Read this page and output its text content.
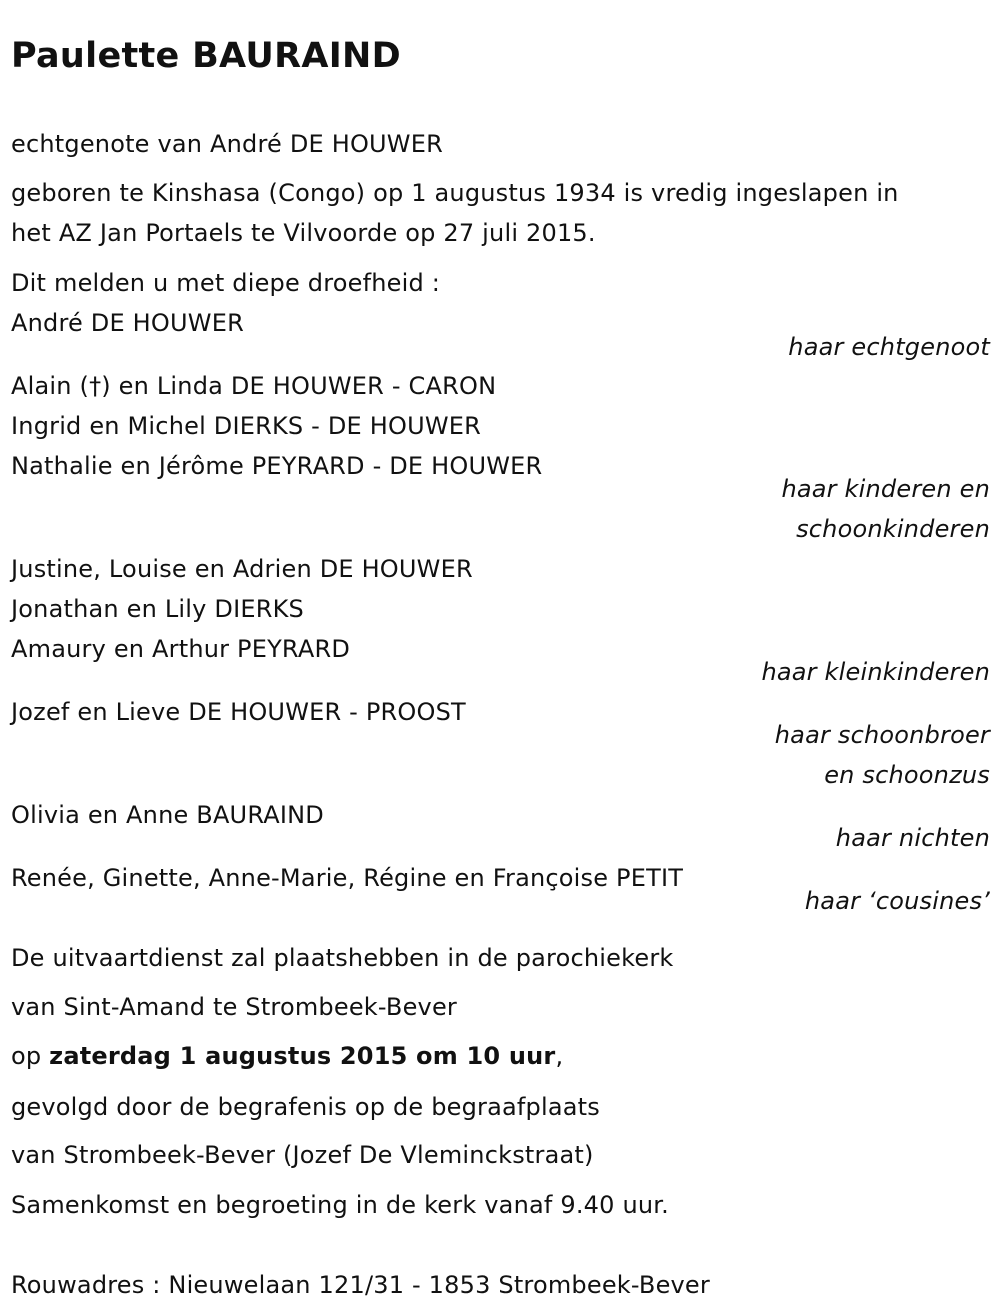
Paulette BAURAIND
echtgenote van André DE HOUWER
geboren te Kinshasa (Congo) op 1 augustus 1934 is vredig ingeslapen in
het AZ Jan Portaels te Vilvoorde op 27 juli 2015.
Dit melden u met diepe droefheid :
André DE HOUWER
haar echtgenoot
Alain (†) en Linda DE HOUWER - CARON
Ingrid en Michel DIERKS - DE HOUWER
Nathalie en Jérôme PEYRARD - DE HOUWER
haar kinderen en
schoonkinderen
Justine, Louise en Adrien DE HOUWER
Jonathan en Lily DIERKS
Amaury en Arthur PEYRARD
haar kleinkinderen
Jozef en Lieve DE HOUWER - PROOST
haar schoonbroer
en schoonzus
Olivia en Anne BAURAIND
haar nichten
Renée, Ginette, Anne-Marie, Régine en Françoise PETIT
haar ‘cousines’
De uitvaartdienst zal plaatshebben in de parochiekerk
van Sint-Amand te Strombeek-Bever
op zaterdag 1 augustus 2015 om 10 uur,
gevolgd door de begrafenis op de begraafplaats
van Strombeek-Bever (Jozef De Vleminckstraat)
Samenkomst en begroeting in de kerk vanaf 9.40 uur.
Rouwadres : Nieuwelaan 121/31 - 1853 Strombeek-Bever
